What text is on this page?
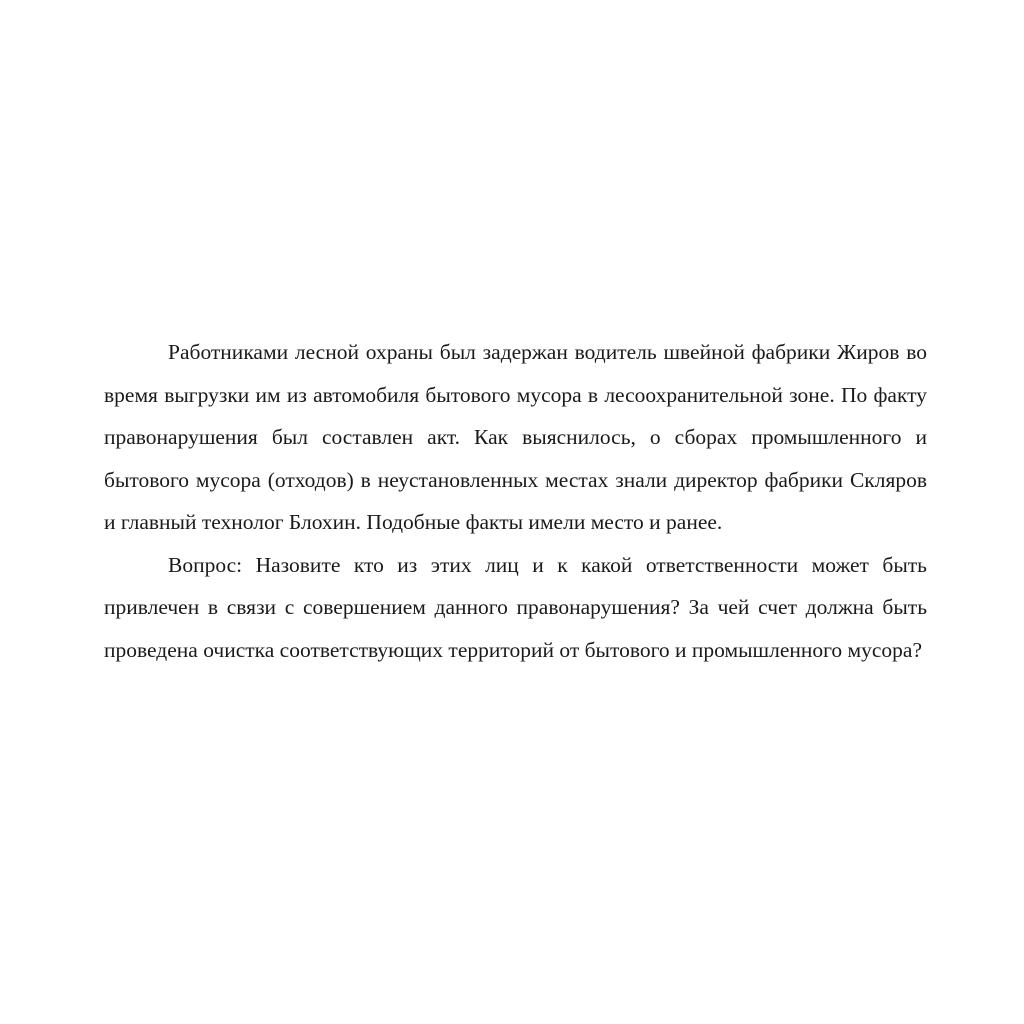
Работниками лесной охраны был задержан водитель швейной фабрики Жиров во время выгрузки им из автомобиля бытового мусора в лесоохранительной зоне. По факту правонарушения был составлен акт. Как выяснилось, о сборах промышленного и бытового мусора (отходов) в неустановленных местах знали директор фабрики Скляров и главный технолог Блохин. Подобные факты имели место и ранее.

Вопрос: Назовите кто из этих лиц и к какой ответственности может быть привлечен в связи с совершением данного правонарушения? За чей счет должна быть проведена очистка соответствующих территорий от бытового и промышленного мусора?
